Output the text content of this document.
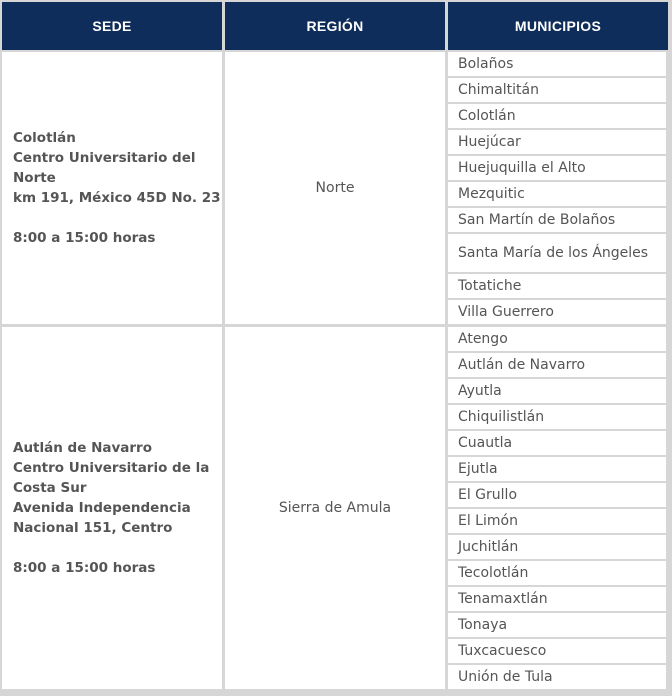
SEDE	REGIÓN	MUNICIPIOS
Colotlán
Centro Universitario del
Norte
km 191, México 45D No. 23
8:00 a 15:00 horas
Norte
Bolaños
Chimaltitán
Colotlán
Huejúcar
Huejuquilla el Alto
Mezquitic
San Martín de Bolaños
Santa María de los Ángeles
Totatiche
Villa Guerrero
Autlán de Navarro
Centro Universitario de la
Costa Sur
Avenida Independencia
Nacional 151, Centro
8:00 a 15:00 horas
Sierra de Amula
Atengo
Autlán de Navarro
Ayutla
Chiquilistlán
Cuautla
Ejutla
El Grullo
El Limón
Juchitlán
Tecolotlán
Tenamaxtlán
Tonaya
Tuxcacuesco
Unión de Tula
